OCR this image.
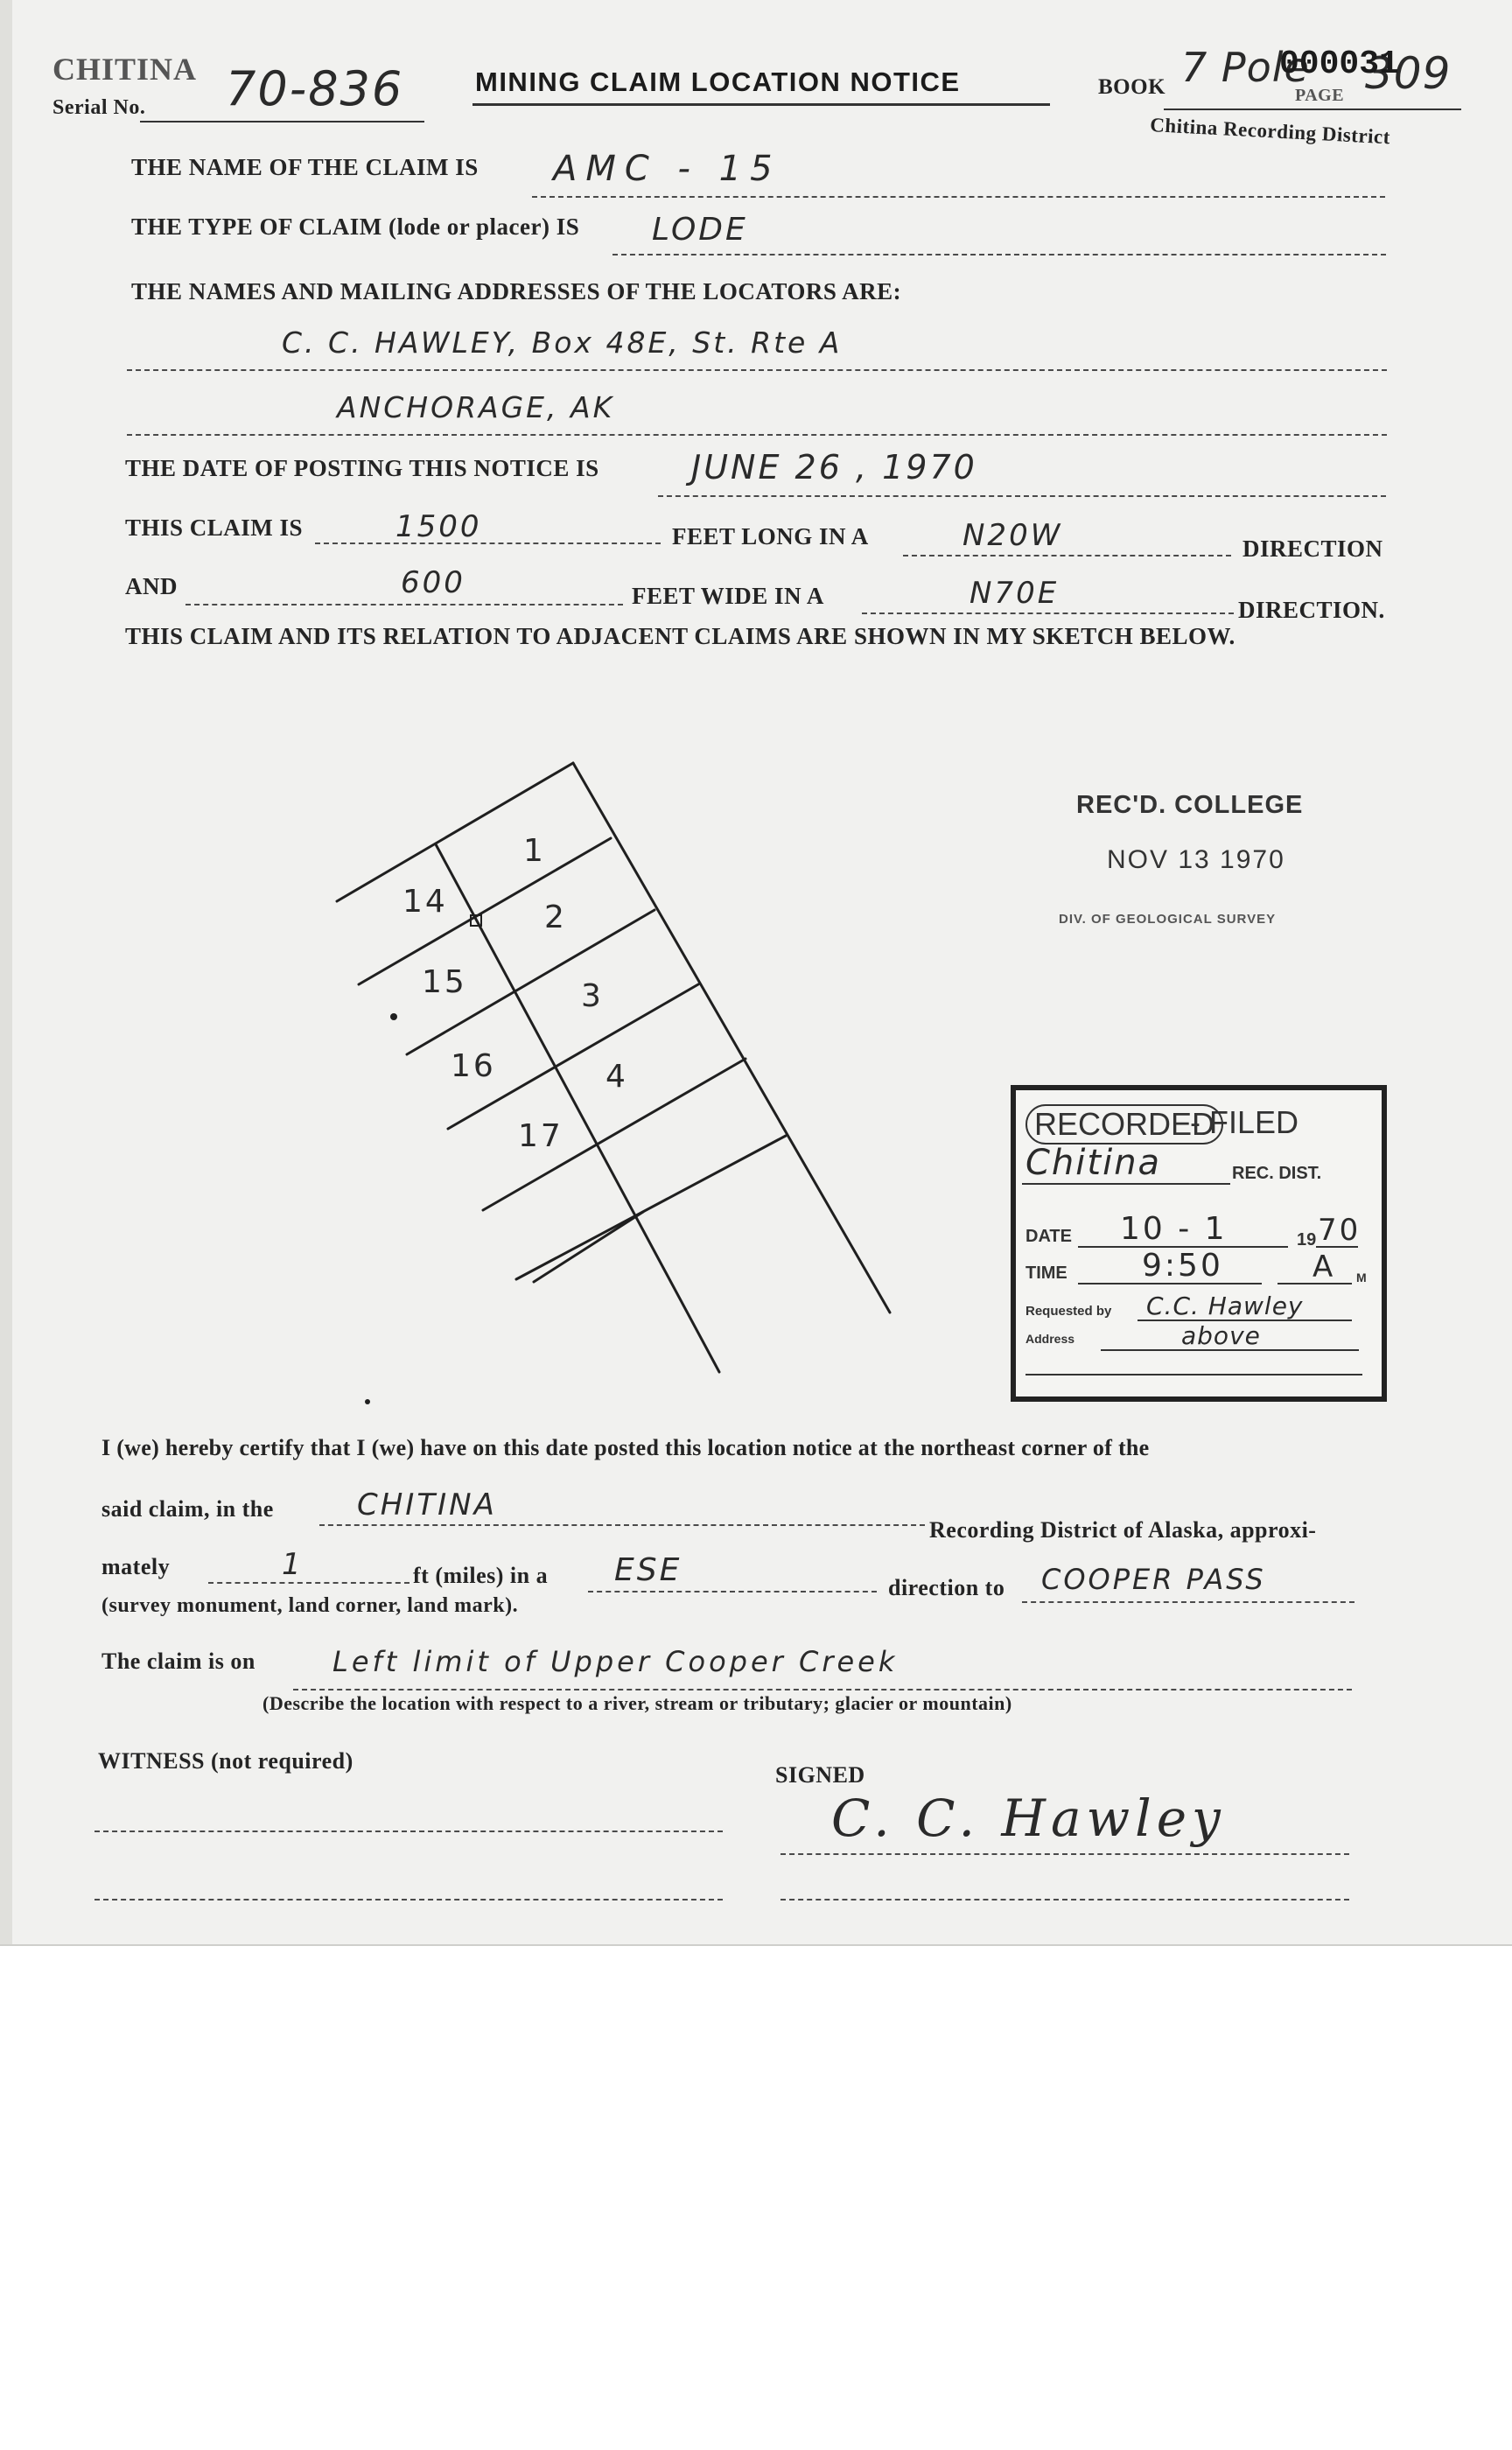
CHITINA
Serial No. 70-836	MINING CLAIM LOCATION NOTICE	BOOK 7 Pole
PAGE 309
000031
Chitina Recording District
THE NAME OF THE CLAIM IS AMC - 15
THE TYPE OF CLAIM (lode or placer) IS LODE
THE NAMES AND MAILING ADDRESSES OF THE LOCATORS ARE:
C. C. HAWLEY, Box 48E, St. Rte A
ANCHORAGE, AK
THE DATE OF POSTING THIS NOTICE IS	JUNE 26 , 1970
THIS CLAIM IS	1500	FEET LONG IN A	N20W	DIRECTION
AND	600	FEET WIDE IN A	N70E	DIRECTION.
THIS CLAIM AND ITS RELATION TO ADJACENT CLAIMS ARE SHOWN IN MY SKETCH BELOW.
1
2
3
4
14
15
16
17
REC'D. COLLEGE
NOV 13 1970
DIV. OF GEOLOGICAL SURVEY
RECORDED
- FILED
Chitina	REC. DIST.
DATE 10 - 1	19 70
TIME 9:50	A M
Requested by C.C. Hawley
Address	above
I (we) hereby certify that I (we) have on this date posted this location notice at the northeast corner of the
said claim, in the	CHITINA
Recording District of Alaska, approxi-
mately	1	ft (miles) in a ESE	direction to COOPER PASS
(survey monument, land corner, land mark).
The claim is on	Left limit of Upper Cooper Creek
(Describe the location with respect to a river, stream or tributary; glacier or mountain)
WITNESS (not required)
SIGNED
C. C. Hawley
